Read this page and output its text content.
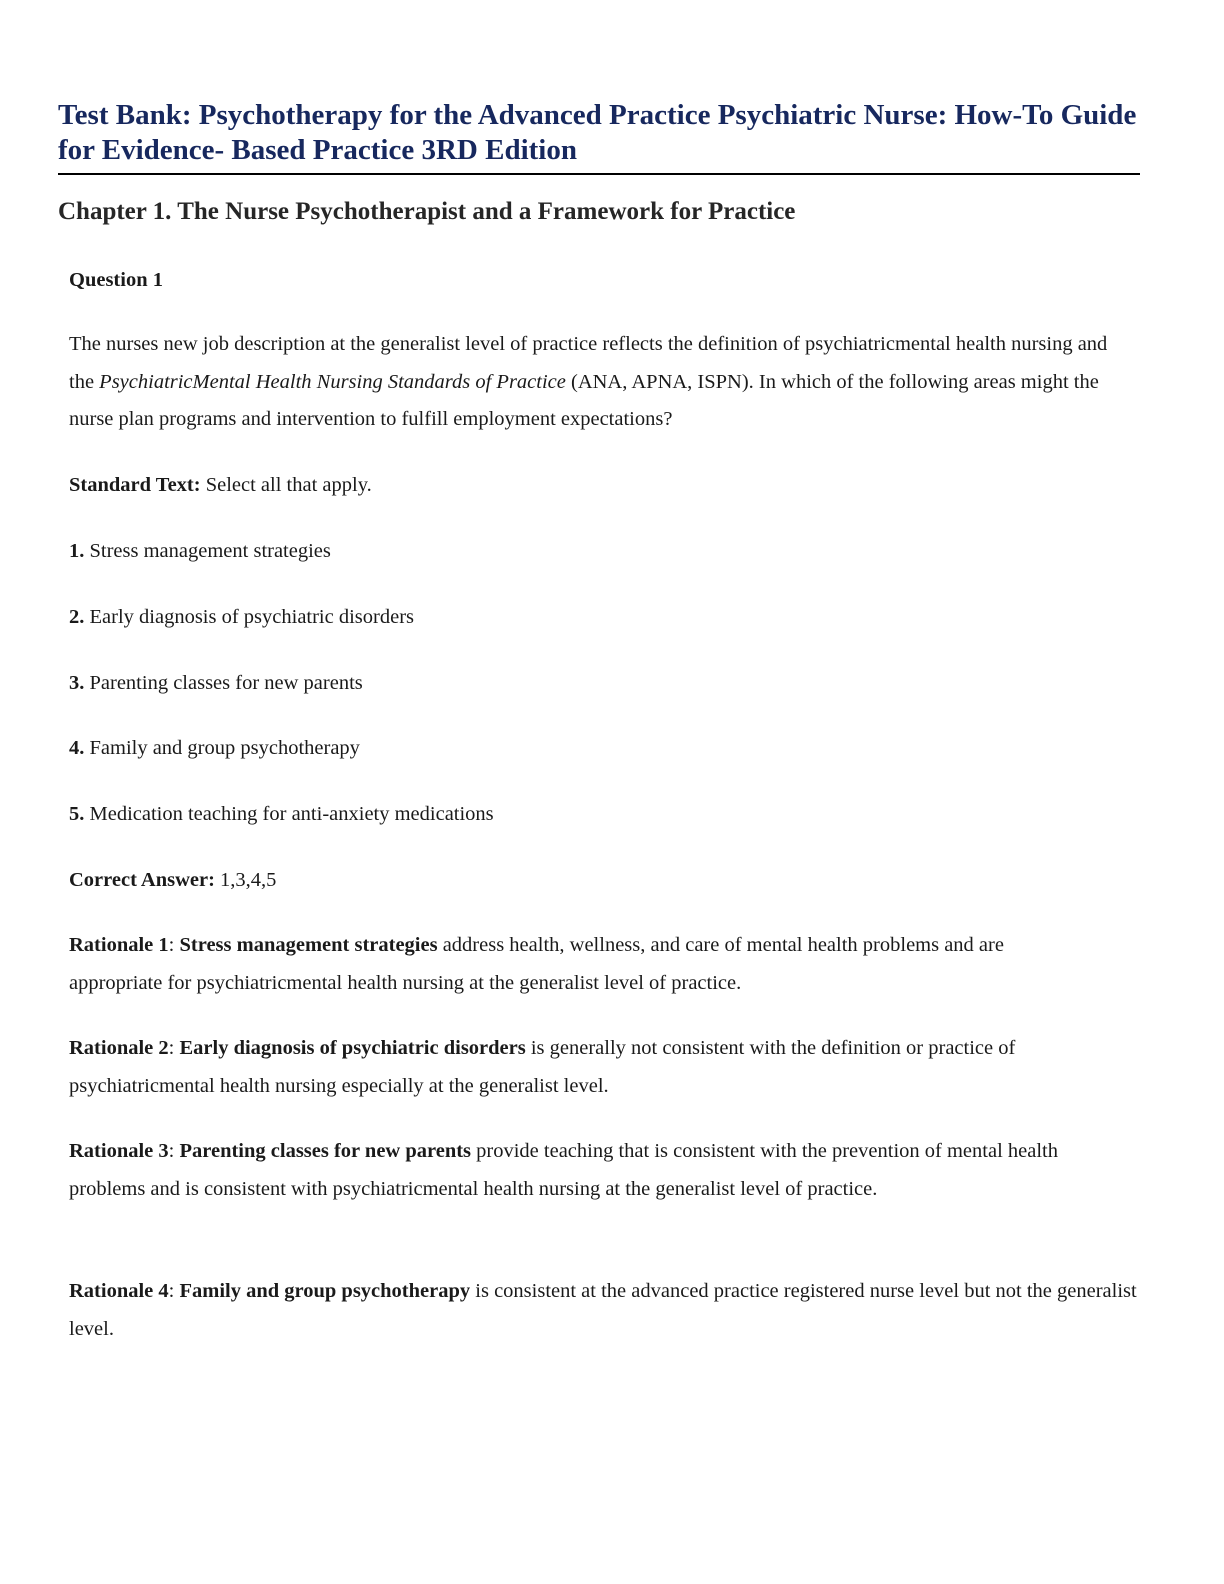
Test Bank: Psychotherapy for the Advanced Practice Psychiatric Nurse: How-To Guide for Evidence- Based Practice 3RD Edition
Chapter 1. The Nurse Psychotherapist and a Framework for Practice

Question 1

The nurses new job description at the generalist level of practice reflects the definition of psychiatricmental health nursing and the PsychiatricMental Health Nursing Standards of Practice (ANA, APNA, ISPN). In which of the following areas might the nurse plan programs and intervention to fulfill employment expectations?

Standard Text: Select all that apply.

1. Stress management strategies

2. Early diagnosis of psychiatric disorders

3. Parenting classes for new parents

4. Family and group psychotherapy

5. Medication teaching for anti-anxiety medications

Correct Answer: 1,3,4,5

Rationale 1: Stress management strategies address health, wellness, and care of mental health problems and are appropriate for psychiatricmental health nursing at the generalist level of practice.

Rationale 2: Early diagnosis of psychiatric disorders is generally not consistent with the definition or practice of psychiatricmental health nursing especially at the generalist level.

Rationale 3: Parenting classes for new parents provide teaching that is consistent with the prevention of mental health problems and is consistent with psychiatricmental health nursing at the generalist level of practice.

Rationale 4: Family and group psychotherapy is consistent at the advanced practice registered nurse level but not the generalist level.
